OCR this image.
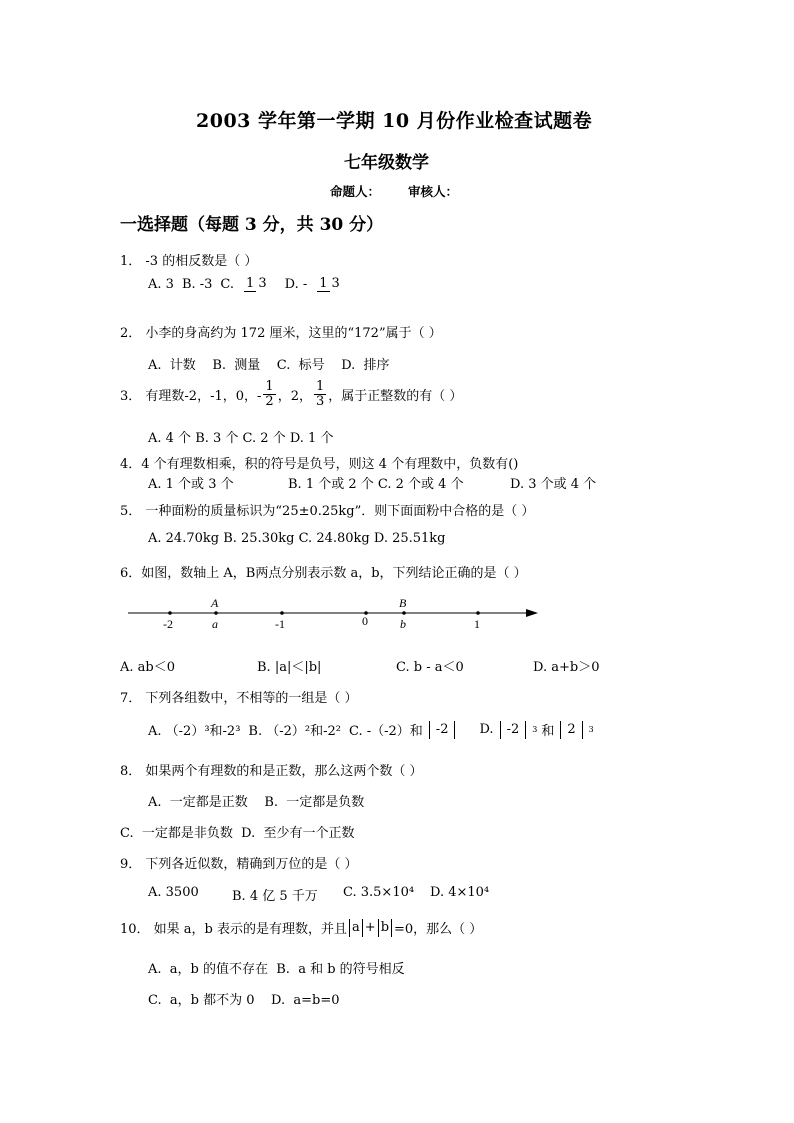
2003 学年第一学期 10 月份作业检查试题卷
七年级数学
命题人： 审核人：
一选择题（每题 3 分，共 30 分）
1． -3 的相反数是（ ）
A. 3 B. -3 C. 1 3 D. - 1 3
2． 小李的身高约为 172 厘米，这里的“172”属于（ ）
A.  计数    B.  测量    C.  标号    D.  排序
3． 有理数-2，-1，0，- $\frac{1}{2}$ ，2， $\frac{1}{3}$ ，属于正整数的有（ ）
A. 4 个 B. 3 个 C. 2 个 D. 1 个
4．4 个有理数相乘，积的符号是负号，则这 4 个有理数中，负数有()
A. 1 个或 3 个	B. 1 个或 2 个 C. 2 个或 4 个	D. 3 个或 4 个
5． 一种面粉的质量标识为“25±0.25kg”．则下面面粉中合格的是（ ）
A. 24.70kg B. 25.30kg C. 24.80kg D. 25.51kg
6．如图，数轴上 A，B两点分别表示数 a，b，下列结论正确的是（ ）
A	B
-2	a	-1	0	b	1
A. ab＜0	B. |a|＜|b|	C. b - a＜0	D. a+b＞0
7． 下列各组数中，不相等的一组是（ ）
A. （-2）³和-2³ B. （-2）²和-2² C. -（-2）和 -2 D. -2 3 和 2 3
8． 如果两个有理数的和是正数，那么这两个数（ ）
A.  一定都是正数    B.  一定都是负数
C.  一定都是非负数  D.  至少有一个正数
9． 下列各近似数，精确到万位的是（ ）
A. 3500	B. 4 亿 5 千万 C. 3.5×10⁴ D. 4×10⁴
10． 如果 a，b 表示的是有理数，并且 a + b =0，那么（ ）
A.  a，b 的值不存在  B.  a 和 b 的符号相反
C.  a，b 都不为 0    D.  a=b=0
